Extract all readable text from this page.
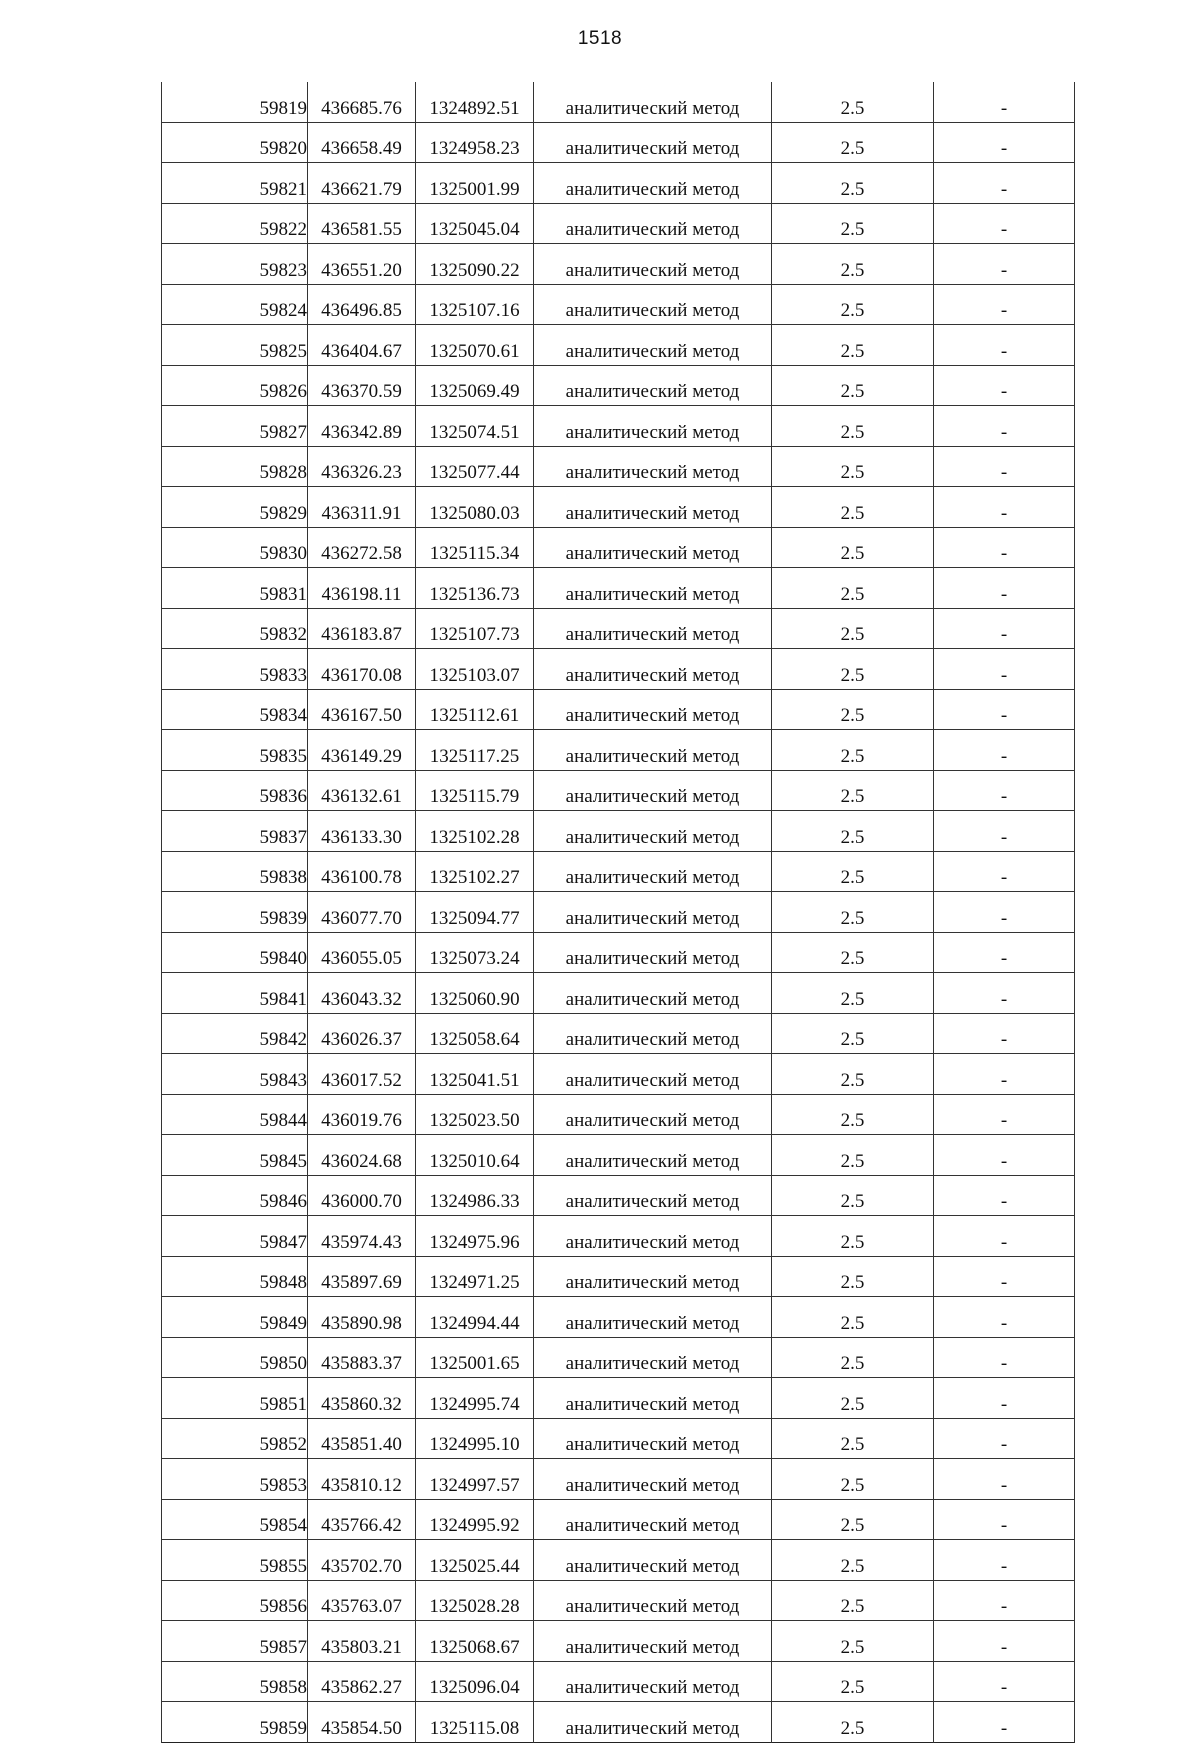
1518
59819	436685.76	1324892.51	аналитический метод	2.5	-
59820	436658.49	1324958.23	аналитический метод	2.5	-
59821	436621.79	1325001.99	аналитический метод	2.5	-
59822	436581.55	1325045.04	аналитический метод	2.5	-
59823	436551.20	1325090.22	аналитический метод	2.5	-
59824	436496.85	1325107.16	аналитический метод	2.5	-
59825	436404.67	1325070.61	аналитический метод	2.5	-
59826	436370.59	1325069.49	аналитический метод	2.5	-
59827	436342.89	1325074.51	аналитический метод	2.5	-
59828	436326.23	1325077.44	аналитический метод	2.5	-
59829	436311.91	1325080.03	аналитический метод	2.5	-
59830	436272.58	1325115.34	аналитический метод	2.5	-
59831	436198.11	1325136.73	аналитический метод	2.5	-
59832	436183.87	1325107.73	аналитический метод	2.5	-
59833	436170.08	1325103.07	аналитический метод	2.5	-
59834	436167.50	1325112.61	аналитический метод	2.5	-
59835	436149.29	1325117.25	аналитический метод	2.5	-
59836	436132.61	1325115.79	аналитический метод	2.5	-
59837	436133.30	1325102.28	аналитический метод	2.5	-
59838	436100.78	1325102.27	аналитический метод	2.5	-
59839	436077.70	1325094.77	аналитический метод	2.5	-
59840	436055.05	1325073.24	аналитический метод	2.5	-
59841	436043.32	1325060.90	аналитический метод	2.5	-
59842	436026.37	1325058.64	аналитический метод	2.5	-
59843	436017.52	1325041.51	аналитический метод	2.5	-
59844	436019.76	1325023.50	аналитический метод	2.5	-
59845	436024.68	1325010.64	аналитический метод	2.5	-
59846	436000.70	1324986.33	аналитический метод	2.5	-
59847	435974.43	1324975.96	аналитический метод	2.5	-
59848	435897.69	1324971.25	аналитический метод	2.5	-
59849	435890.98	1324994.44	аналитический метод	2.5	-
59850	435883.37	1325001.65	аналитический метод	2.5	-
59851	435860.32	1324995.74	аналитический метод	2.5	-
59852	435851.40	1324995.10	аналитический метод	2.5	-
59853	435810.12	1324997.57	аналитический метод	2.5	-
59854	435766.42	1324995.92	аналитический метод	2.5	-
59855	435702.70	1325025.44	аналитический метод	2.5	-
59856	435763.07	1325028.28	аналитический метод	2.5	-
59857	435803.21	1325068.67	аналитический метод	2.5	-
59858	435862.27	1325096.04	аналитический метод	2.5	-
59859	435854.50	1325115.08	аналитический метод	2.5	-
